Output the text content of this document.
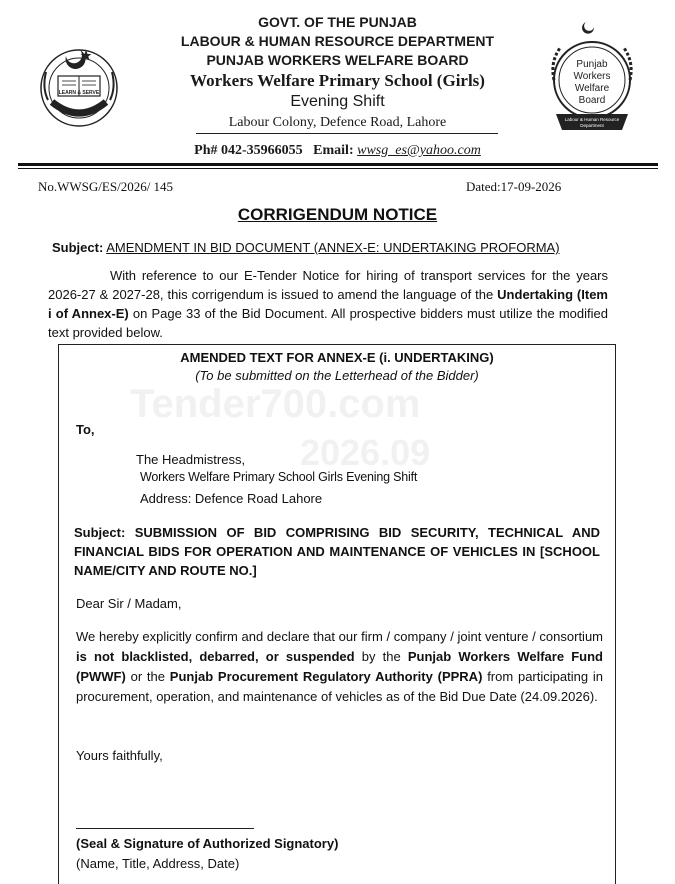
LEARN & SERVE
Punjab
Workers
Welfare
Board
Labour & Human Resource
Department
GOVT. OF THE PUNJAB
LABOUR & HUMAN RESOURCE DEPARTMENT
PUNJAB WORKERS WELFARE BOARD
Workers Welfare Primary School (Girls)
Evening Shift
Labour Colony, Defence Road, Lahore
Ph# 042-35966055 Email: wwsg_es@yahoo.com
No.WWSG/ES/2026/ 145	Dated:17-09-2026
CORRIGENDUM NOTICE
Subject: AMENDMENT IN BID DOCUMENT (ANNEX-E: UNDERTAKING PROFORMA)
With reference to our E-Tender Notice for hiring of transport services for the years 2026-27 & 2027-28, this corrigendum is issued to amend the language of the Undertaking (Item i of Annex-E) on Page 33 of the Bid Document. All prospective bidders must utilize the modified text provided below.
Tender700.com
2026.09
AMENDED TEXT FOR ANNEX-E (i. UNDERTAKING)
(To be submitted on the Letterhead of the Bidder)
To,
The Headmistress,
Workers Welfare Primary School Girls Evening Shift
Address: Defence Road Lahore
Subject: SUBMISSION OF BID COMPRISING BID SECURITY, TECHNICAL AND FINANCIAL BIDS FOR OPERATION AND MAINTENANCE OF VEHICLES IN [SCHOOL NAME/CITY AND ROUTE NO.]
Dear Sir / Madam,
We hereby explicitly confirm and declare that our firm / company / joint venture / consortium is not blacklisted, debarred, or suspended by the Punjab Workers Welfare Fund (PWWF) or the Punjab Procurement Regulatory Authority (PPRA) from participating in procurement, operation, and maintenance of vehicles as of the Bid Due Date (24.09.2026).
Yours faithfully,
(Seal & Signature of Authorized Signatory)
(Name, Title, Address, Date)
